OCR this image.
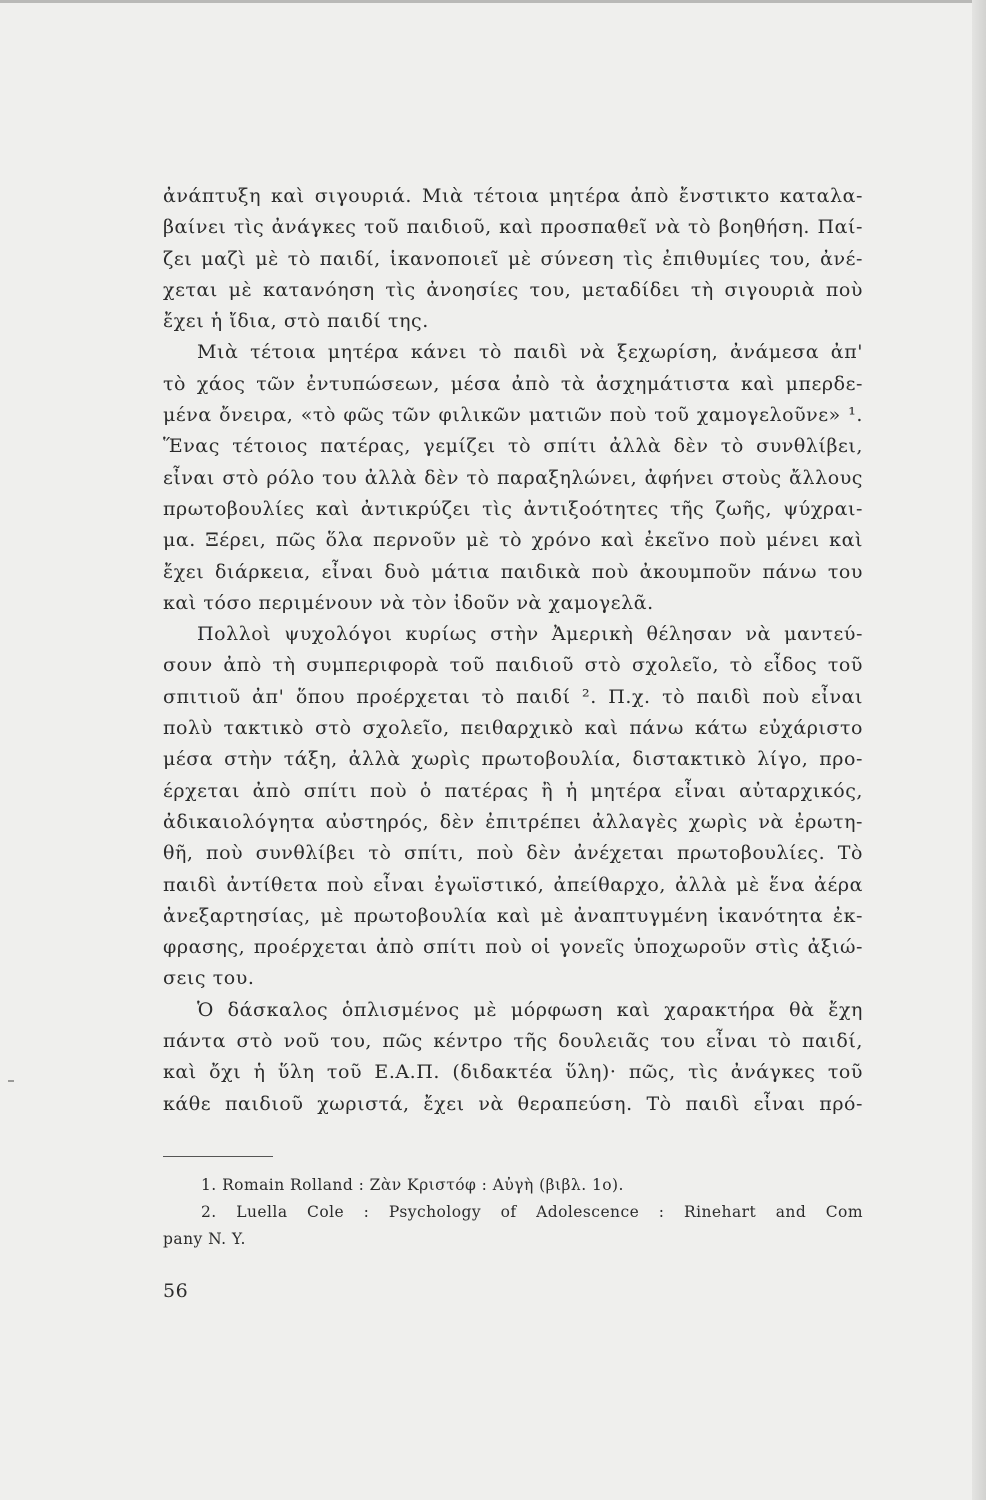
ἀνάπτυξη καὶ σιγουριά. Μιὰ τέτοια μητέρα ἀπὸ ἔνστικτο καταλα-
βαίνει τὶς ἀνάγκες τοῦ παιδιοῦ, καὶ προσπαθεῖ νὰ τὸ βοηθήση. Παί-
ζει μαζὶ μὲ τὸ παιδί, ἱκανοποιεῖ μὲ σύνεση τὶς ἐπιθυμίες του, ἀνέ-
χεται μὲ κατανόηση τὶς ἀνοησίες του, μεταδίδει τὴ σιγουριὰ ποὺ
ἔχει ἡ ἴδια, στὸ παιδί της.
Μιὰ τέτοια μητέρα κάνει τὸ παιδὶ νὰ ξεχωρίση, ἀνάμεσα ἀπ'
τὸ χάος τῶν ἐντυπώσεων, μέσα ἀπὸ τὰ ἀσχημάτιστα καὶ μπερδε-
μένα ὄνειρα, «τὸ φῶς τῶν φιλικῶν ματιῶν ποὺ τοῦ χαμογελοῦνε» ¹.
Ἕνας τέτοιος πατέρας, γεμίζει τὸ σπίτι ἀλλὰ δὲν τὸ συνθλίβει,
εἶναι στὸ ρόλο του ἀλλὰ δὲν τὸ παραξηλώνει, ἀφήνει στοὺς ἄλλους
πρωτοβουλίες καὶ ἀντικρύζει τὶς ἀντιξοότητες τῆς ζωῆς, ψύχραι-
μα. Ξέρει, πῶς ὅλα περνοῦν μὲ τὸ χρόνο καὶ ἐκεῖνο ποὺ μένει καὶ
ἔχει διάρκεια, εἶναι δυὸ μάτια παιδικὰ ποὺ ἀκουμποῦν πάνω του
καὶ τόσο περιμένουν νὰ τὸν ἰδοῦν νὰ χαμογελᾶ.
Πολλοὶ ψυχολόγοι κυρίως στὴν Ἀμερικὴ θέλησαν νὰ μαντεύ-
σουν ἀπὸ τὴ συμπεριφορὰ τοῦ παιδιοῦ στὸ σχολεῖο, τὸ εἶδος τοῦ
σπιτιοῦ ἀπ' ὅπου προέρχεται τὸ παιδί ². Π.χ. τὸ παιδὶ ποὺ εἶναι
πολὺ τακτικὸ στὸ σχολεῖο, πειθαρχικὸ καὶ πάνω κάτω εὐχάριστο
μέσα στὴν τάξη, ἀλλὰ χωρὶς πρωτοβουλία, διστακτικὸ λίγο, προ-
έρχεται ἀπὸ σπίτι ποὺ ὁ πατέρας ἢ ἡ μητέρα εἶναι αὐταρχικός,
ἀδικαιολόγητα αὐστηρός, δὲν ἐπιτρέπει ἀλλαγὲς χωρὶς νὰ ἐρωτη-
θῆ, ποὺ συνθλίβει τὸ σπίτι, ποὺ δὲν ἀνέχεται πρωτοβουλίες. Τὸ
παιδὶ ἀντίθετα ποὺ εἶναι ἐγωϊστικό, ἀπείθαρχο, ἀλλὰ μὲ ἕνα ἀέρα
ἀνεξαρτησίας, μὲ πρωτοβουλία καὶ μὲ ἀναπτυγμένη ἱκανότητα ἐκ-
φρασης, προέρχεται ἀπὸ σπίτι ποὺ οἱ γονεῖς ὑποχωροῦν στὶς ἀξιώ-
σεις του.
Ὁ δάσκαλος ὁπλισμένος μὲ μόρφωση καὶ χαρακτήρα θὰ ἔχη
πάντα στὸ νοῦ του, πῶς κέντρο τῆς δουλειᾶς του εἶναι τὸ παιδί,
καὶ ὄχι ἡ ὕλη τοῦ Ε.Α.Π. (διδακτέα ὕλη)· πῶς, τὶς ἀνάγκες τοῦ
κάθε παιδιοῦ χωριστά, ἔχει νὰ θεραπεύση. Τὸ παιδὶ εἶναι πρό-
1. Romain Rolland : Ζὰν Κριστόφ : Αὐγὴ (βιβλ. 1ο).
2. Luella Cole : Psychology of Adolescence : Rinehart and Com
pany N. Y.
56
